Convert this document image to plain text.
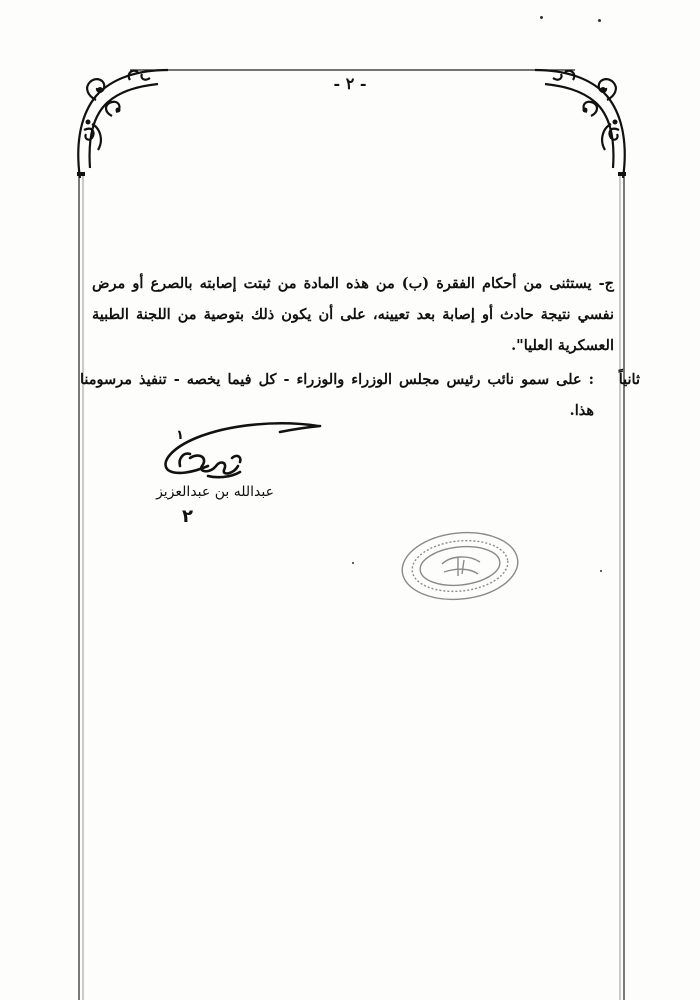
- ٢ -

ج- يستثنى من أحكام الفقرة (ب) من هذه المادة من ثبتت إصابته بالصرع أو مرض نفسي نتيجة حادث أو إصابة بعد تعيينه، على أن يكون ذلك بتوصية من اللجنة الطبية العسكرية العليا".

ثانياً
: على سمو نائب رئيس مجلس الوزراء والوزراء - كل فيما يخصه - تنفيذ مرسومنا هذا.
١
٢
عبدالله بن عبدالعزيز
